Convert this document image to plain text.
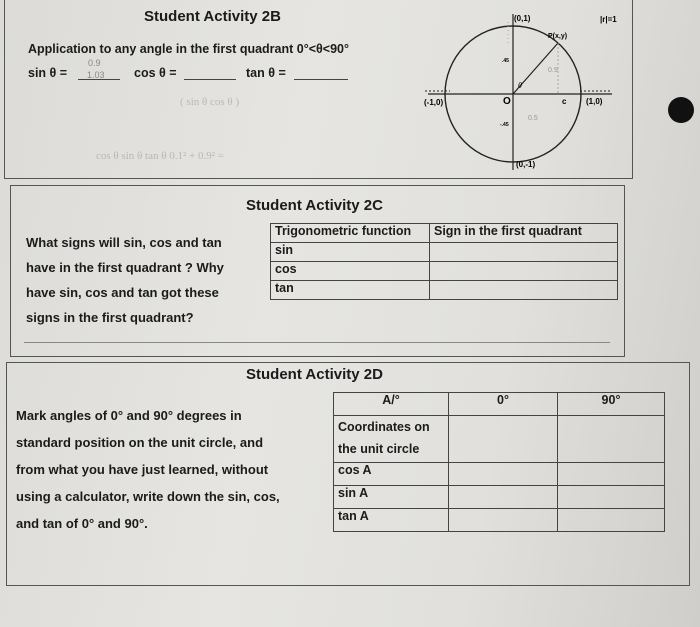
Student Activity 2B
Application to any angle in the first quadrant 0°<θ<90°
sin θ =
0.9
1.03 cos θ =	tan θ =
( sin θ cos θ )
cos θ sin θ tan θ 0.1² + 0.9² =
(0,1)	|r|=1
P(x,y)
(-1,0)	(1,0)
(0,-1)
O
θ
c
0.9
0.5
.45
-.45
Student Activity 2C
What signs will sin, cos and tan
have in the first quadrant ? Why
have sin, cos and tan got these
signs in the first quadrant?
Trigonometric function	Sign in the first quadrant
sin	
cos	
tan	
Student Activity 2D
Mark angles of 0° and 90° degrees in
standard position on the unit circle, and
from what you have just learned, without
using a calculator, write down the sin, cos,
and tan of 0° and 90°.
A/°	0°	90°

Coordinates on
the unit circle		

cos A		
sin A		
tan A		
